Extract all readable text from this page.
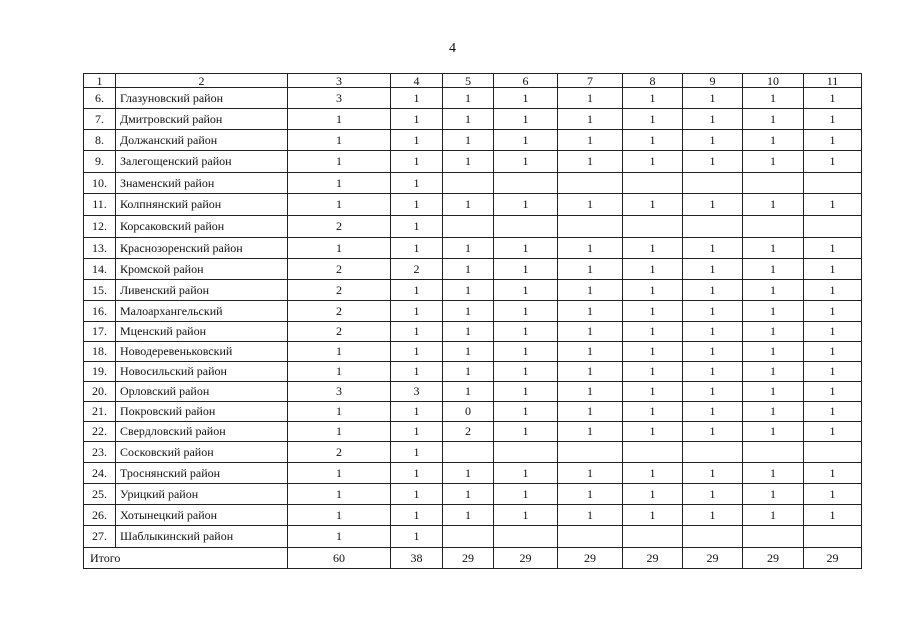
4
1	2	3	4	5	6	7	8	9	10	11
6.	Глазуновский район	3	1	1	1	1	1	1	1	1
7.	Дмитровский район	1	1	1	1	1	1	1	1	1
8.	Должанский район	1	1	1	1	1	1	1	1	1
9.	Залегощенский район	1	1	1	1	1	1	1	1	1
10.	Знаменский район	1	1							
11.	Колпнянский район	1	1	1	1	1	1	1	1	1
12.	Корсаковский район	2	1							
13.	Краснозоренский район	1	1	1	1	1	1	1	1	1
14.	Кромской район	2	2	1	1	1	1	1	1	1
15.	Ливенский район	2	1	1	1	1	1	1	1	1
16.	Малоархангельский	2	1	1	1	1	1	1	1	1
17.	Мценский район	2	1	1	1	1	1	1	1	1
18.	Новодеревеньковский	1	1	1	1	1	1	1	1	1
19.	Новосильский район	1	1	1	1	1	1	1	1	1
20.	Орловский район	3	3	1	1	1	1	1	1	1
21.	Покровский район	1	1	0	1	1	1	1	1	1
22.	Свердловский район	1	1	2	1	1	1	1	1	1
23.	Сосковский район	2	1							
24.	Троснянский район	1	1	1	1	1	1	1	1	1
25.	Урицкий район	1	1	1	1	1	1	1	1	1
26.	Хотынецкий район	1	1	1	1	1	1	1	1	1
27.	Шаблыкинский район	1	1							
Итого		60	38	29	29	29	29	29	29	29
